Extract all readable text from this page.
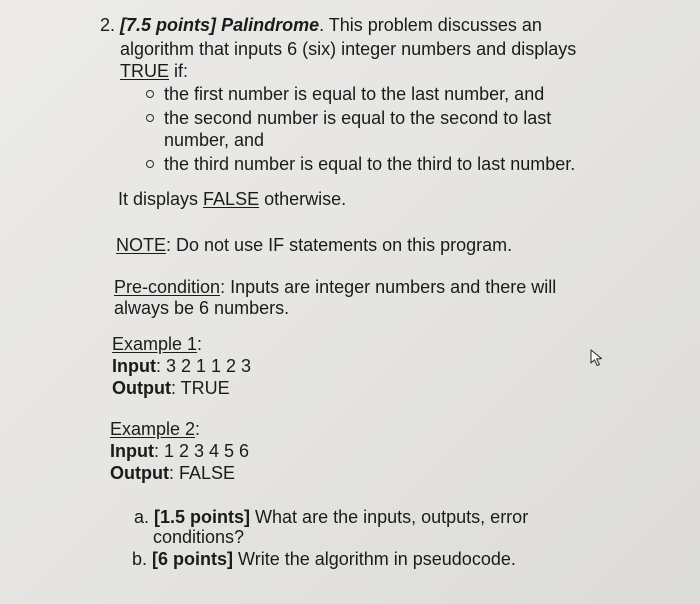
2. [7.5 points] Palindrome. This problem discusses an
algorithm that inputs 6 (six) integer numbers and displays
TRUE if:
the first number is equal to the last number, and
the second number is equal to the second to last
number, and
the third number is equal to the third to last number.
It displays FALSE otherwise.
NOTE: Do not use IF statements on this program.
Pre-condition: Inputs are integer numbers and there will
always be 6 numbers.
Example 1:
Input: 3 2 1 1 2 3
Output: TRUE
Example 2:
Input: 1 2 3 4 5 6
Output: FALSE
a. [1.5 points] What are the inputs, outputs, error
conditions?
b. [6 points] Write the algorithm in pseudocode.
